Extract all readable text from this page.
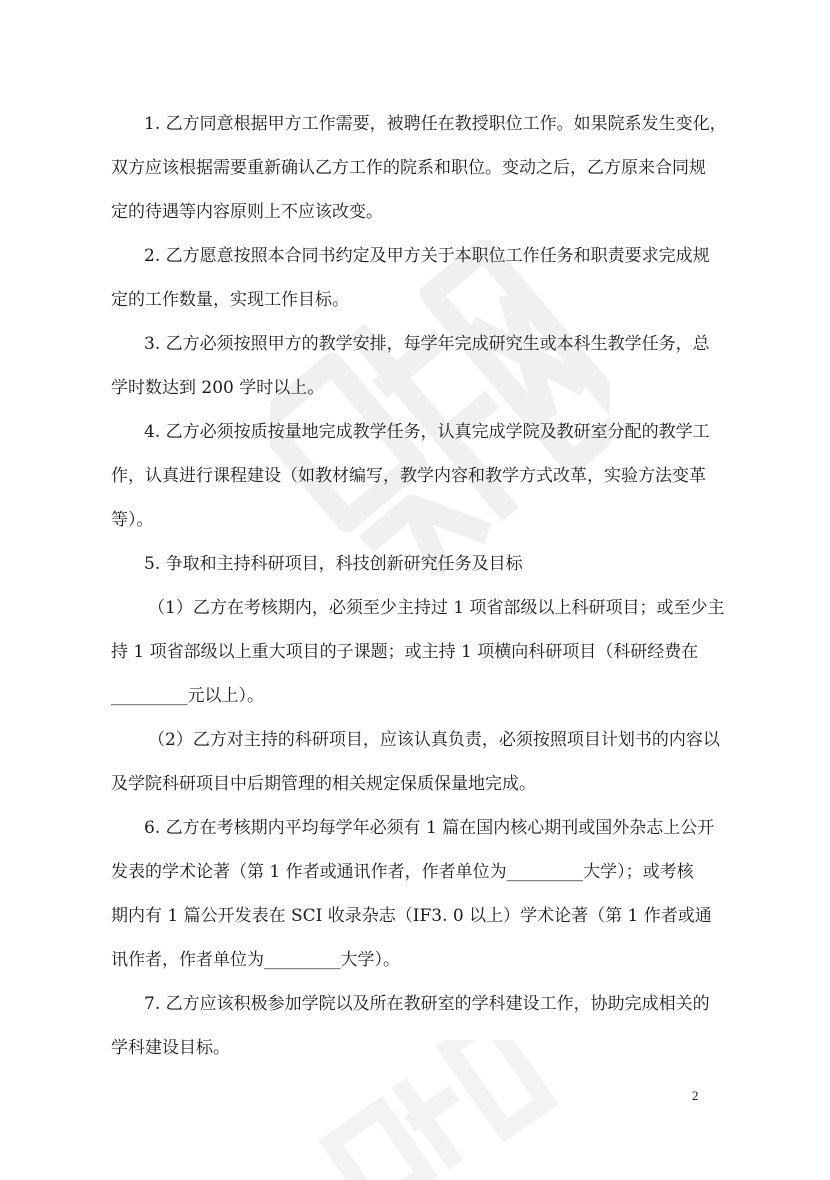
1. 乙方同意根据甲方工作需要，被聘任在教授职位工作。如果院系发生变化，
双方应该根据需要重新确认乙方工作的院系和职位。变动之后，乙方原来合同规
定的待遇等内容原则上不应该改变。

2. 乙方愿意按照本合同书约定及甲方关于本职位工作任务和职责要求完成规
定的工作数量，实现工作目标。

3. 乙方必须按照甲方的教学安排，每学年完成研究生或本科生教学任务，总
学时数达到 200 学时以上。

4. 乙方必须按质按量地完成教学任务，认真完成学院及教研室分配的教学工
作，认真进行课程建设（如教材编写，教学内容和教学方式改革，实验方法变革
等）。

5. 争取和主持科研项目，科技创新研究任务及目标

（1）乙方在考核期内，必须至少主持过 1 项省部级以上科研项目；或至少主
持 1 项省部级以上重大项目的子课题；或主持 1 项横向科研项目（科研经费在
_________元以上）。

（2）乙方对主持的科研项目，应该认真负责，必须按照项目计划书的内容以
及学院科研项目中后期管理的相关规定保质保量地完成。

6. 乙方在考核期内平均每学年必须有 1 篇在国内核心期刊或国外杂志上公开
发表的学术论著（第 1 作者或通讯作者，作者单位为_________大学）；或考核
期内有 1 篇公开发表在 SCI 收录杂志（IF3. 0 以上）学术论著（第 1 作者或通
讯作者，作者单位为_________大学）。

7. 乙方应该积极参加学院以及所在教研室的学科建设工作，协助完成相关的
学科建设目标。

2
